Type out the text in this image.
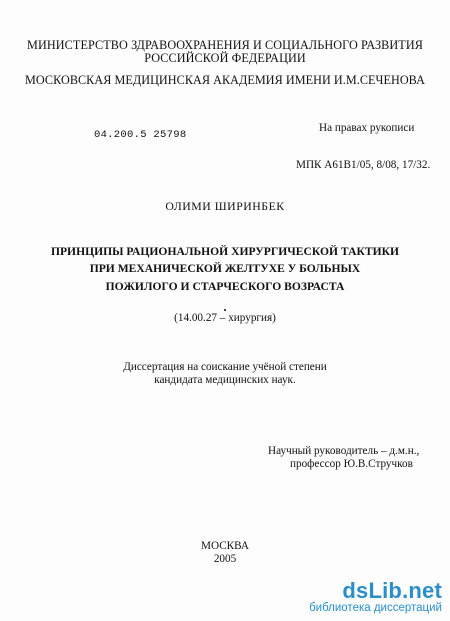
МИНИСТЕРСТВО ЗДРАВООХРАНЕНИЯ И СОЦИАЛЬНОГО РАЗВИТИЯ
РОССИЙСКОЙ ФЕДЕРАЦИИ
МОСКОВСКАЯ МЕДИЦИНСКАЯ АКАДЕМИЯ ИМЕНИ И.М.СЕЧЕНОВА
04.200.5 25798
На правах рукописи
МПК А61В1/05, 8/08, 17/32.
ОЛИМИ ШИРИНБЕК
ПРИНЦИПЫ РАЦИОНАЛЬНОЙ ХИРУРГИЧЕСКОЙ ТАКТИКИ
ПРИ МЕХАНИЧЕСКОЙ ЖЕЛТУХЕ У БОЛЬНЫХ
ПОЖИЛОГО И СТАРЧЕСКОГО ВОЗРАСТА
(14.00.27 – хирургия)
Диссертация на соискание учёной степени
кандидата медицинских наук.
Научный руководитель – д.м.н.,
профессор Ю.В.Стручков
МОСКВА
2005
dsLib.net
библиотека диссертаций
